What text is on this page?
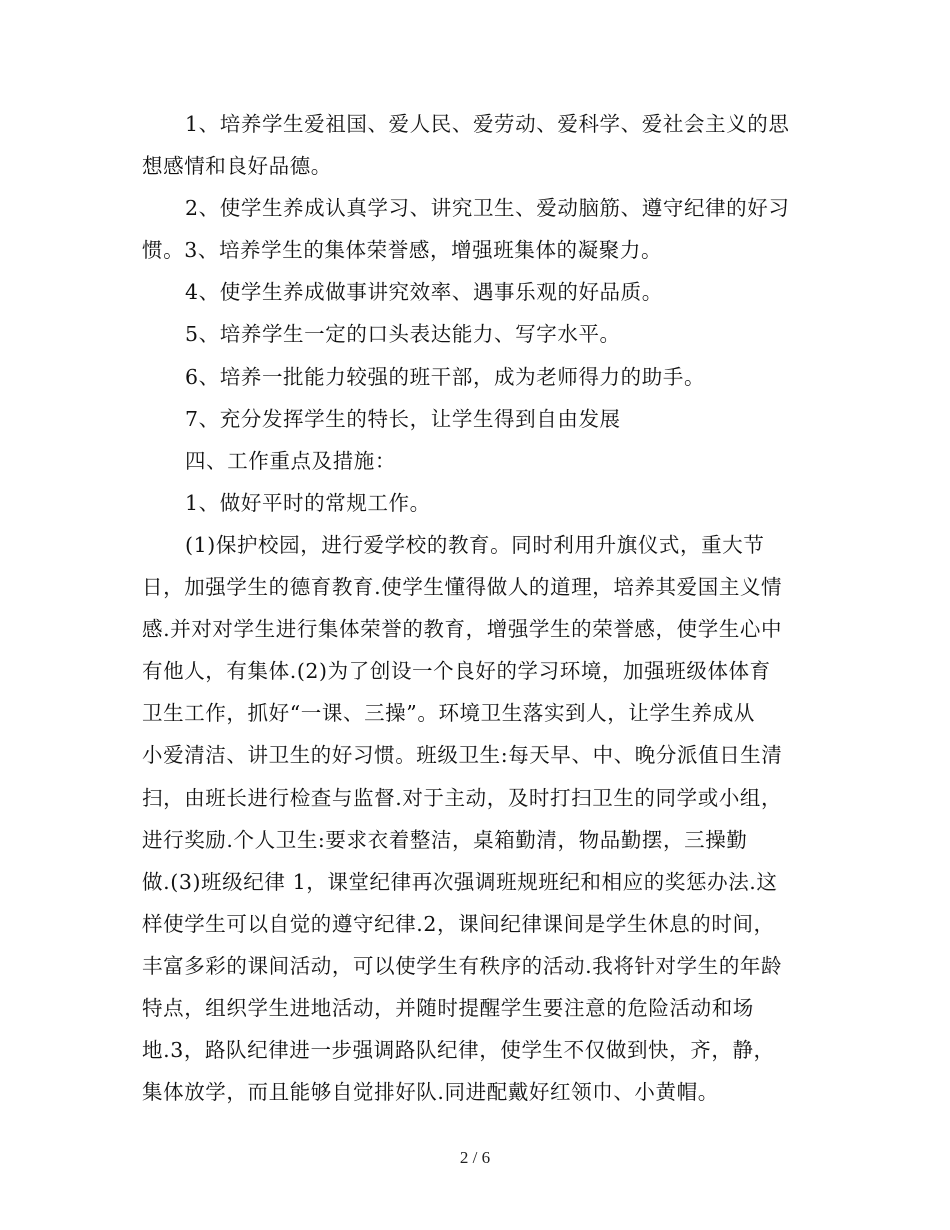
1、培养学生爱祖国、爱人民、爱劳动、爱科学、爱社会主义的思
想感情和良好品德。

2、使学生养成认真学习、讲究卫生、爱动脑筋、遵守纪律的好习
惯。3、培养学生的集体荣誉感，增强班集体的凝聚力。

4、使学生养成做事讲究效率、遇事乐观的好品质。

5、培养学生一定的口头表达能力、写字水平。

6、培养一批能力较强的班干部，成为老师得力的助手。

7、充分发挥学生的特长，让学生得到自由发展

四、工作重点及措施：

1、做好平时的常规工作。

(1)保护校园，进行爱学校的教育。同时利用升旗仪式，重大节
日，加强学生的德育教育.使学生懂得做人的道理，培养其爱国主义情
感.并对对学生进行集体荣誉的教育，增强学生的荣誉感，使学生心中
有他人，有集体.(2)为了创设一个良好的学习环境，加强班级体体育
卫生工作，抓好“一课、三操”。环境卫生落实到人，让学生养成从
小爱清洁、讲卫生的好习惯。班级卫生:每天早、中、晚分派值日生清
扫，由班长进行检查与监督.对于主动，及时打扫卫生的同学或小组，
进行奖励.个人卫生:要求衣着整洁，桌箱勤清，物品勤摆，三操勤
做.(3)班级纪律 1，课堂纪律再次强调班规班纪和相应的奖惩办法.这
样使学生可以自觉的遵守纪律.2，课间纪律课间是学生休息的时间，
丰富多彩的课间活动，可以使学生有秩序的活动.我将针对学生的年龄
特点，组织学生进地活动，并随时提醒学生要注意的危险活动和场
地.3，路队纪律进一步强调路队纪律，使学生不仅做到快，齐，静，
集体放学，而且能够自觉排好队.同进配戴好红领巾、小黄帽。

2 / 6
